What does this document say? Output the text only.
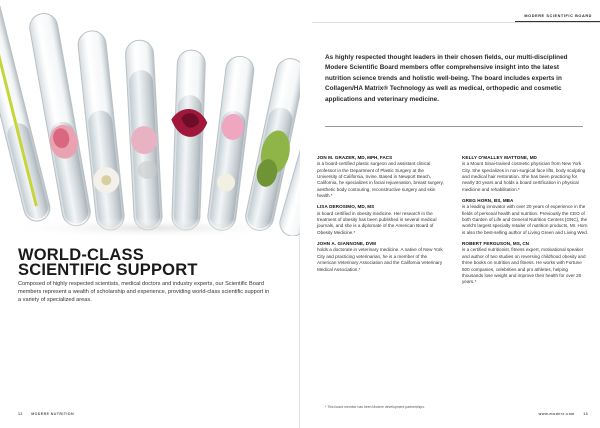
WORLD-CLASS
SCIENTIFIC SUPPORT

Composed of highly respected scientists, medical doctors and industry experts, our Scientific Board members represent a wealth of scholarship and experience, providing world-class scientific support in a variety of specialized areas.

12 MODERE NUTRITION
MODERE SCIENTIFIC BOARD

As highly respected thought leaders in their chosen fields, our multi-disciplined Modere Scientific Board members offer comprehensive insight into the latest nutrition science trends and holistic well-being. The board includes experts in Collagen/HA Matrix® Technology as well as medical, orthopedic and cosmetic applications and veterinary medicine.

JON M. GRAZER, MD, MPH, FACS

is a board-certified plastic surgeon and assistant clinical professor in the Department of Plastic Surgery at the University of California, Irvine. Based in Newport Beach, California, he specializes in facial rejuvenation, breast surgery, aesthetic body contouring, reconstructive surgery and skin health.*

LISA DEROSIMO, MD, MS

is board certified in obesity medicine. Her research in the treatment of obesity has been published in several medical journals, and she is a diplomate of the American Board of Obesity Medicine.*

JOHN A. GIANNONE, DVM

holds a doctorate in veterinary medicine. A native of New York City and practicing veterinarian, he is a member of the American Veterinary Association and the California Veterinary Medical Association.*

KELLY O'MALLEY MATTONE, MD

is a Mount Sinai-trained cosmetic physician from New York City. She specializes in non-surgical face lifts, body sculpting and medical hair restoration. She has been practicing for nearly 30 years and holds a board certification in physical medicine and rehabilitation.*

GREG HORN, BS, MBA

is a leading innovator with over 20 years of experience in the fields of personal health and nutrition. Previously the CEO of both Garden of Life and General Nutrition Centers (GNC), the world's largest specialty retailer of nutrition products, Mr. Horn is also the best-selling author of Living Green and Living Wed.

ROBERT FERGUSON, MS, CN

is a certified nutritionist, fitness expert, motivational speaker and author of two studies on reversing childhood obesity and three books on nutrition and fitness. He works with Fortune 500 companies, celebrities and pro athletes, helping thousands lose weight and improve their health for over 20 years.*

* This board member has been Modere development partnerships.
www.modere.com 13
